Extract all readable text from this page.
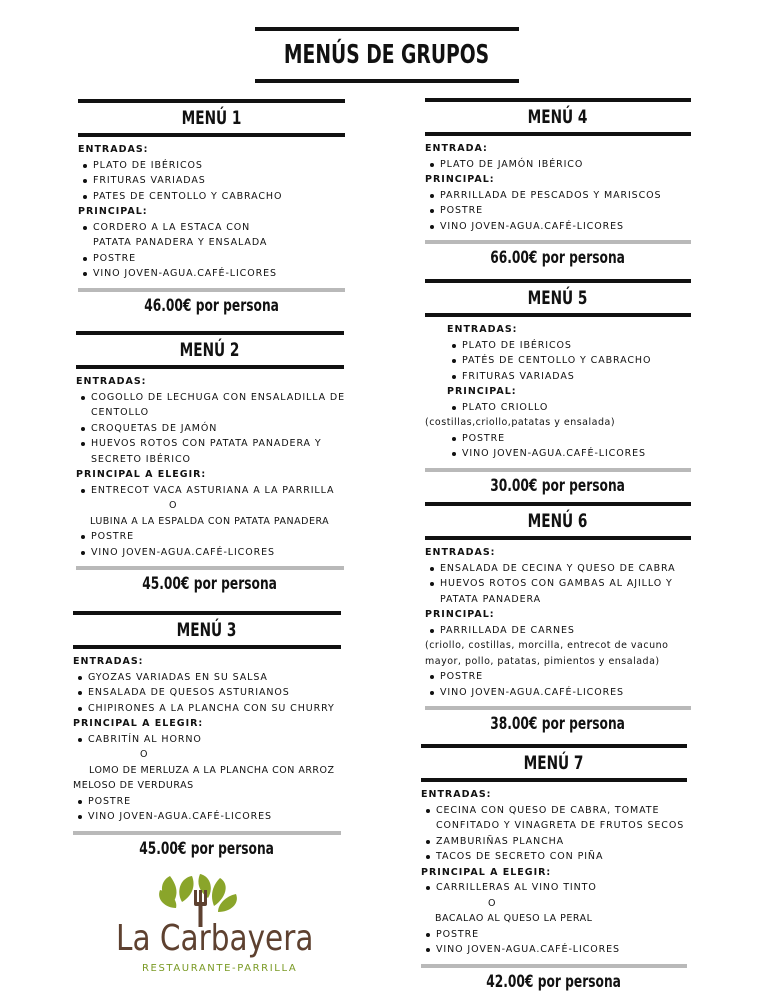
MENÚS DE GRUPOS
MENÚ 1
ENTRADAS:
PLATO DE IBÉRICOS
FRITURAS VARIADAS
PATES DE CENTOLLO Y CABRACHO
PRINCIPAL:
CORDERO A LA ESTACA CON
PATATA PANADERA Y ENSALADA
POSTRE
VINO JOVEN-AGUA.CAFÉ-LICORES
46.00€ por persona
MENÚ 2
ENTRADAS:
COGOLLO DE LECHUGA CON ENSALADILLA DE
CENTOLLO
CROQUETAS DE JAMÓN
HUEVOS ROTOS CON PATATA PANADERA Y
SECRETO IBÉRICO
PRINCIPAL A ELEGIR:
ENTRECOT VACA ASTURIANA A LA PARRILLA
O
LUBINA A LA ESPALDA CON PATATA PANADERA
POSTRE
VINO JOVEN-AGUA.CAFÉ-LICORES
45.00€ por persona
MENÚ 3
ENTRADAS:
GYOZAS VARIADAS EN SU SALSA
ENSALADA DE QUESOS ASTURIANOS
CHIPIRONES A LA PLANCHA CON SU CHURRY
PRINCIPAL A ELEGIR:
CABRITÍN AL HORNO
O
LOMO DE MERLUZA A LA PLANCHA CON ARROZ
MELOSO DE VERDURAS
POSTRE
VINO JOVEN-AGUA.CAFÉ-LICORES
45.00€ por persona
MENÚ 4
ENTRADA:
PLATO DE JAMÓN IBÉRICO
PRINCIPAL:
PARRILLADA DE PESCADOS Y MARISCOS
POSTRE
VINO JOVEN-AGUA.CAFÉ-LICORES
66.00€ por persona
MENÚ 5
ENTRADAS:
PLATO DE IBÉRICOS
PATÉS DE CENTOLLO Y CABRACHO
FRITURAS VARIADAS
PRINCIPAL:
PLATO CRIOLLO
(costillas,criollo,patatas y ensalada)
POSTRE
VINO JOVEN-AGUA.CAFÉ-LICORES
30.00€ por persona
MENÚ 6
ENTRADAS:
ENSALADA DE CECINA Y QUESO DE CABRA
HUEVOS ROTOS CON GAMBAS AL AJILLO Y
PATATA PANADERA
PRINCIPAL:
PARRILLADA DE CARNES
(criollo, costillas, morcilla, entrecot de vacuno
mayor, pollo, patatas, pimientos y ensalada)
POSTRE
VINO JOVEN-AGUA.CAFÉ-LICORES
38.00€ por persona
MENÚ 7
ENTRADAS:
CECINA CON QUESO DE CABRA, TOMATE
CONFITADO Y VINAGRETA DE FRUTOS SECOS
ZAMBURIÑAS PLANCHA
TACOS DE SECRETO CON PIÑA
PRINCIPAL A ELEGIR:
CARRILLERAS AL VINO TINTO
O
BACALAO AL QUESO LA PERAL
POSTRE
VINO JOVEN-AGUA.CAFÉ-LICORES
42.00€ por persona
La Carbayera
RESTAURANTE-PARRILLA
